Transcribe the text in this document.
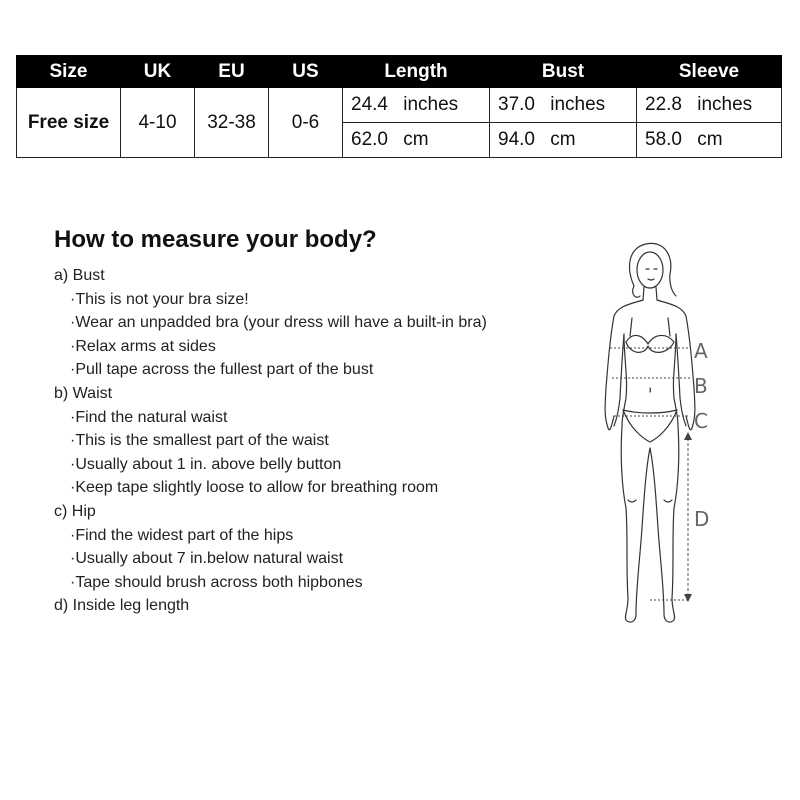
Size	UK	EU	US	Length	Bust	Sleeve
Free size	4-10	32-38	0-6	24.4 inches	37.0 inches	22.8 inches
				62.0 cm	94.0 cm	58.0 cm
How to measure your body?

a) Bust

·This is not your bra size!

·Wear an unpadded bra (your dress will have a built-in bra)

·Relax arms at sides

·Pull tape across the fullest part of the bust

b) Waist

·Find the natural waist

·This is the smallest part of the waist

·Usually about 1 in. above belly button

·Keep tape slightly loose to allow for breathing room

c) Hip

·Find the widest part of the hips

·Usually about 7 in.below natural waist

·Tape should brush across both hipbones

d) Inside leg length

A
B
C
D
